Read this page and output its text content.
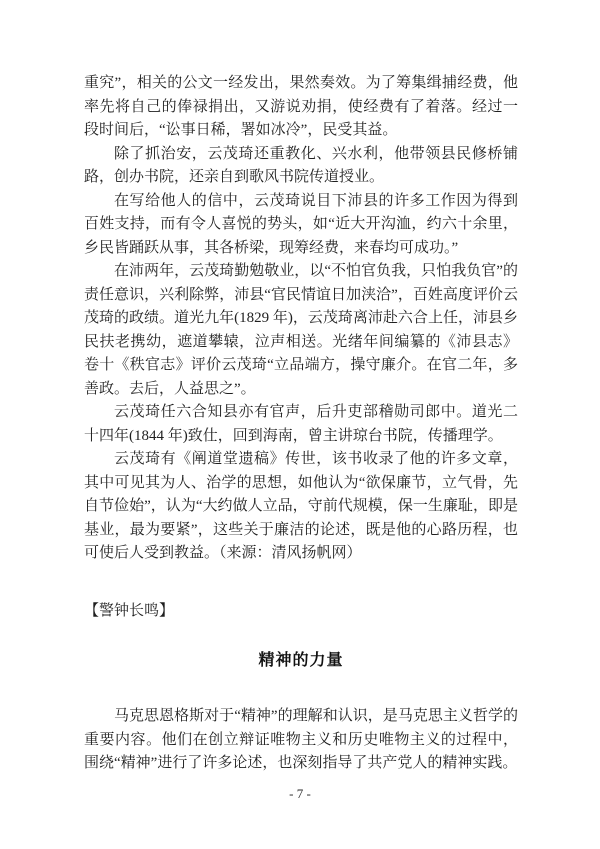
重究”，相关的公文一经发出，果然奏效。为了筹集缉捕经费，他率先将自己的俸禄捐出，又游说劝捐，使经费有了着落。经过一段时间后，“讼事日稀，署如冰冷”，民受其益。

除了抓治安，云茂琦还重教化、兴水利，他带领县民修桥铺路，创办书院，还亲自到歌风书院传道授业。

在写给他人的信中，云茂琦说目下沛县的许多工作因为得到百姓支持，而有令人喜悦的势头，如“近大开沟洫，约六十余里，乡民皆踊跃从事，其各桥梁，现筹经费，来春均可成功。”

在沛两年，云茂琦勤勉敬业，以“不怕官负我，只怕我负官”的责任意识，兴利除弊，沛县“官民情谊日加浃洽”，百姓高度评价云茂琦的政绩。道光九年(1829 年)，云茂琦离沛赴六合上任，沛县乡民扶老携幼，遮道攀辕，泣声相送。光绪年间编纂的《沛县志》卷十《秩官志》评价云茂琦“立品端方，操守廉介。在官二年，多善政。去后，人益思之”。

云茂琦任六合知县亦有官声，后升吏部稽勋司郎中。道光二十四年(1844 年)致仕，回到海南，曾主讲琼台书院，传播理学。

云茂琦有《阐道堂遗稿》传世，该书收录了他的许多文章，其中可见其为人、治学的思想，如他认为“欲保廉节，立气骨，先自节俭始”，认为“大约做人立品，守前代规模，保一生廉耻，即是基业，最为要紧”，这些关于廉洁的论述，既是他的心路历程，也可使后人受到教益。（来源：清风扬帆网）

【警钟长鸣】

精神的力量

马克思恩格斯对于“精神”的理解和认识，是马克思主义哲学的重要内容。他们在创立辩证唯物主义和历史唯物主义的过程中，围绕“精神”进行了许多论述，也深刻指导了共产党人的精神实践。

- 7 -
